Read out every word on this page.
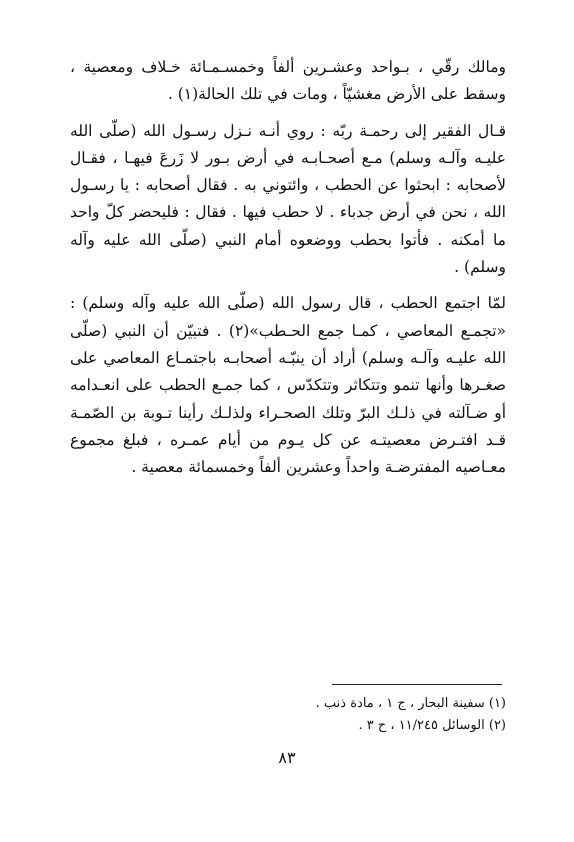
ومالك رقّي ، بـواحد وعشـرين ألفاً وخمسـمـائة خـلاف ومعصية ، وسقط على الأرض مغشيّاً ، ومات في تلك الحالة(١) .

قـال الفقير إلى رحمـة ربّه : روي أنـه نـزل رسـول الله (صلّى الله عليـه وآلـه وسلم) مـع أصحـابـه في أرض بـور لا زَرعَ فيهـا ، فقـال لأصحابه : ابحثوا عن الحطب ، وائتوني به . فقال أصحابه : يا رسـول الله ، نحن في أرض جدباء . لا حطب فيها . فقال : فليحضر كلّ واحد ما أمكنه . فأتوا بحطب ووضعوه أمام النبي (صلّى الله عليه وآله وسلم) .

لمّا اجتمع الحطب ، قال رسول الله (صلّى الله عليه وآله وسلم) : «تجمـع المعاصي ، كمـا جمع الحـطب»(٢) . فتبيّن أن النبي (صلّى الله عليـه وآلـه وسلم) أراد أن ينبّـه أصحابـه باجتمـاع المعاصي على صغـرها وأنها تنمو وتتكاثر وتتكدّس ، كما جمـع الحطب على انعـدامه أو ضـآلته في ذلـك البرّ وتلك الصحـراء ولذلـك رأينا تـوبة بن الصّمـة قـد افتـرض معصيتـه عن كل يـوم من أيام عمـره ، فبلغ مجموع معـاصيه المفترضـة واحداً وعشرين ألفاً وخمسمائة معصية .

(١) سفينة البحار ، ج ١ ، مادة ذنب .

(٢) الوسائل ١١/٢٤٥ ، ح ٣ .

٨٣
